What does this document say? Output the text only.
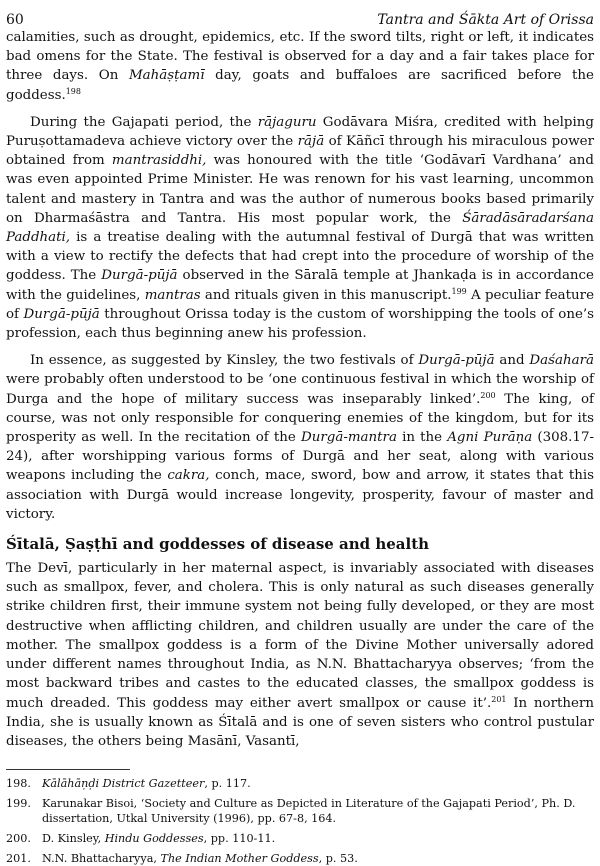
60	Tantra and Śākta Art of Orissa

calamities, such as drought, epidemics, etc. If the sword tilts, right or left, it indicates bad omens for the State. The festival is observed for a day and a fair takes place for three days. On Mahāṣṭamī day, goats and buffaloes are sacrificed before the goddess.$^{198}$

During the Gajapati period, the rājaguru Godāvara Miśra, credited with helping Puruṣottamadeva achieve victory over the rājā of Kāñcī through his miraculous power obtained from mantrasiddhi, was honoured with the title ‘Godāvarī Vardhana’ and was even appointed Prime Minister. He was renown for his vast learning, uncommon talent and mastery in Tantra and was the author of numerous books based primarily on Dharmaśāstra and Tantra. His most popular work, the Śāradāsāradarśana Paddhati, is a treatise dealing with the autumnal festival of Durgā that was written with a view to rectify the defects that had crept into the procedure of worship of the goddess. The Durgā-pūjā observed in the Sāralā temple at Jhankaḍa is in accordance with the guidelines, mantras and rituals given in this manuscript.$^{199}$ A peculiar feature of Durgā-pūjā throughout Orissa today is the custom of worshipping the tools of one’s profession, each thus beginning anew his profession.

In essence, as suggested by Kinsley, the two festivals of Durgā-pūjā and Daśaharā were probably often understood to be ‘one continuous festival in which the worship of Durga and the hope of military success was inseparably linked’.$^{200}$ The king, of course, was not only responsible for conquering enemies of the kingdom, but for its prosperity as well. In the recitation of the Durgā-mantra in the Agni Purāṇa (308.17-24), after worshipping various forms of Durgā and her seat, along with various weapons including the cakra, conch, mace, sword, bow and arrow, it states that this association with Durgā would increase longevity, prosperity, favour of master and victory.

Śītalā, Ṣaṣṭhī and goddesses of disease and health

The Devī, particularly in her maternal aspect, is invariably associated with diseases such as smallpox, fever, and cholera. This is only natural as such diseases generally strike children first, their immune system not being fully developed, or they are most destructive when afflicting children, and children usually are under the care of the mother. The smallpox goddess is a form of the Divine Mother universally adored under different names throughout India, as N.N. Bhattacharyya observes; ‘from the most backward tribes and castes to the educated classes, the smallpox goddess is much dreaded. This goddess may either avert smallpox or cause it’.$^{201}$ In northern India, she is usually known as Śītalā and is one of seven sisters who control pustular diseases, the others being Masānī, Vasantī,

198. Kālāhāṇḍi District Gazetteer, p. 117.
199. Karunakar Bisoi, ‘Society and Culture as Depicted in Literature of the Gajapati Period’, Ph. D. dissertation, Utkal University (1996), pp. 67-8, 164.
200. D. Kinsley, Hindu Goddesses, pp. 110-11.
201. N.N. Bhattacharyya, The Indian Mother Goddess, p. 53.
